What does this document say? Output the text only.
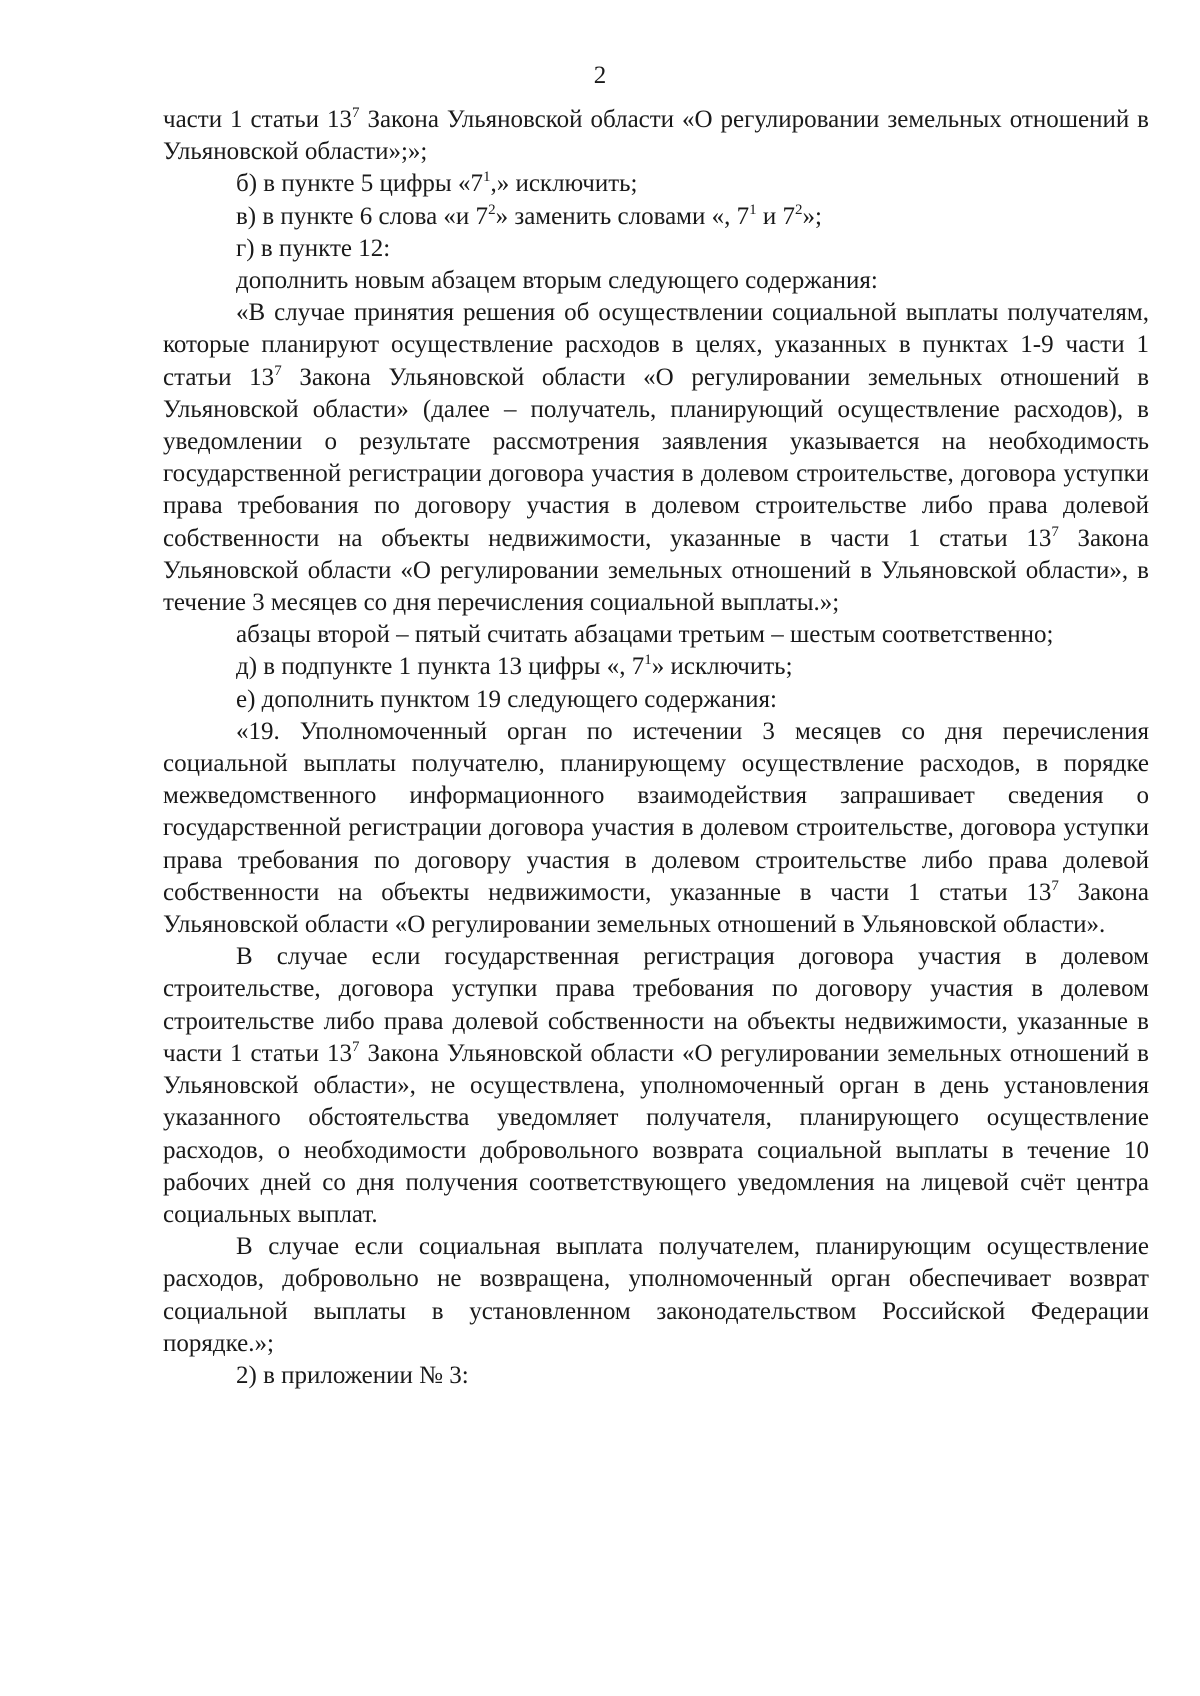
2

части 1 статьи $13^7$ Закона Ульяновской области «О регулировании земельных отношений в Ульяновской области»;»;

б) в пункте 5 цифры «$7^1$,» исключить;

в) в пункте 6 слова «и $7^2$» заменить словами «, $7^1$ и $7^2$»;

г) в пункте 12:

дополнить новым абзацем вторым следующего содержания:

«В случае принятия решения об осуществлении социальной выплаты получателям, которые планируют осуществление расходов в целях, указанных в пунктах 1-9 части 1 статьи $13^7$ Закона Ульяновской области «О регулировании земельных отношений в Ульяновской области» (далее – получатель, планирующий осуществление расходов), в уведомлении о результате рассмотрения заявления указывается на необходимость государственной регистрации договора участия в долевом строительстве, договора уступки права требования по договору участия в долевом строительстве либо права долевой собственности на объекты недвижимости, указанные в части 1 статьи $13^7$ Закона Ульяновской области «О регулировании земельных отношений в Ульяновской области», в течение 3 месяцев со дня перечисления социальной выплаты.»;

абзацы второй – пятый считать абзацами третьим – шестым соответственно;

д) в подпункте 1 пункта 13 цифры «, $7^1$» исключить;

е) дополнить пунктом 19 следующего содержания:

«19. Уполномоченный орган по истечении 3 месяцев со дня перечисления социальной выплаты получателю, планирующему осуществление расходов, в порядке межведомственного информационного взаимодействия запрашивает сведения о государственной регистрации договора участия в долевом строительстве, договора уступки права требования по договору участия в долевом строительстве либо права долевой собственности на объекты недвижимости, указанные в части 1 статьи $13^7$ Закона Ульяновской области «О регулировании земельных отношений в Ульяновской области».

В случае если государственная регистрация договора участия в долевом строительстве, договора уступки права требования по договору участия в долевом строительстве либо права долевой собственности на объекты недвижимости, указанные в части 1 статьи $13^7$ Закона Ульяновской области «О регулировании земельных отношений в Ульяновской области», не осуществлена, уполномоченный орган в день установления указанного обстоятельства уведомляет получателя, планирующего осуществление расходов, о необходимости добровольного возврата социальной выплаты в течение 10 рабочих дней со дня получения соответствующего уведомления на лицевой счёт центра социальных выплат.

В случае если социальная выплата получателем, планирующим осуществление расходов, добровольно не возвращена, уполномоченный орган обеспечивает возврат социальной выплаты в установленном законодательством Российской Федерации порядке.»;

2) в приложении № 3:
